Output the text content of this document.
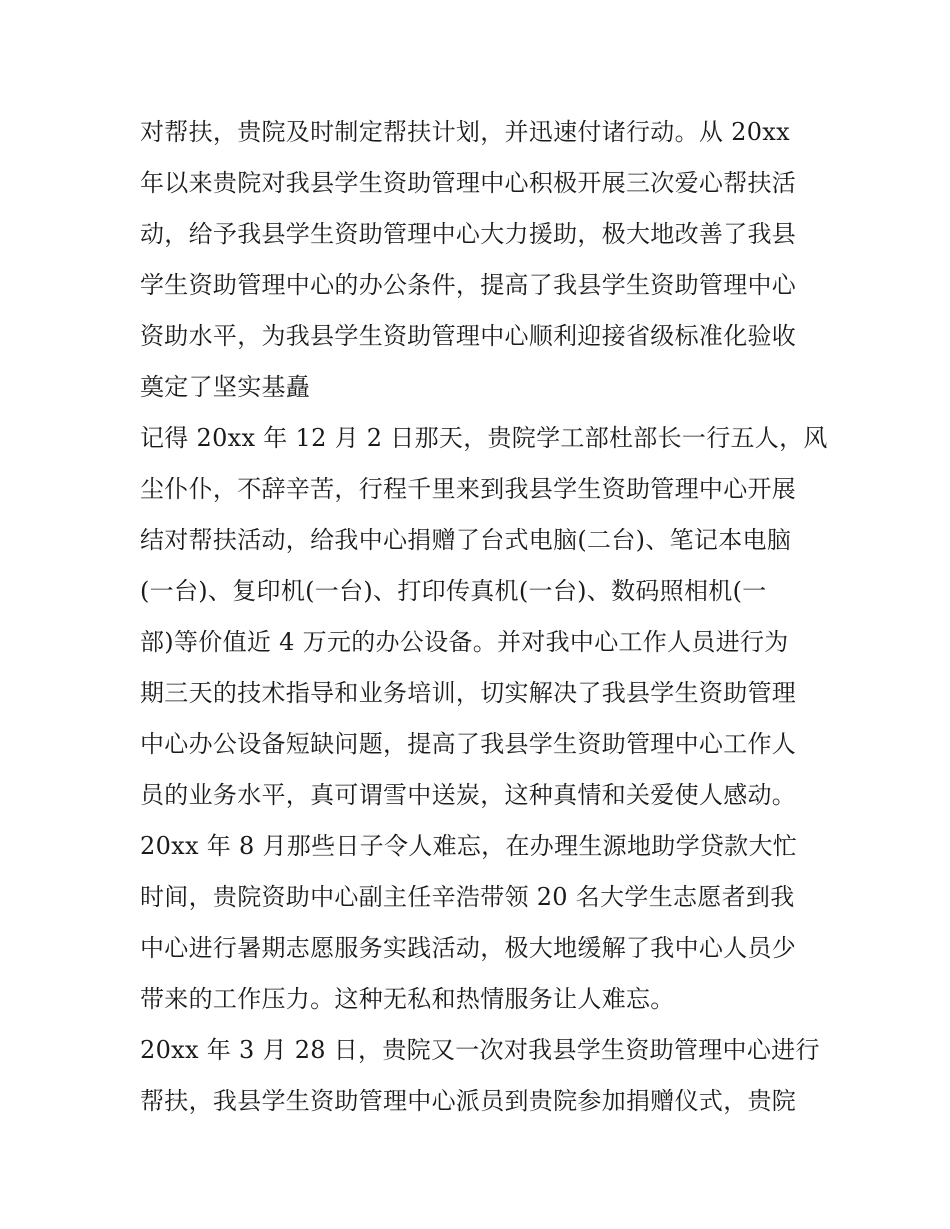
对帮扶，贵院及时制定帮扶计划，并迅速付诸行动。从 20xx
年以来贵院对我县学生资助管理中心积极开展三次爱心帮扶活
动，给予我县学生资助管理中心大力援助，极大地改善了我县
学生资助管理中心的办公条件，提高了我县学生资助管理中心
资助水平，为我县学生资助管理中心顺利迎接省级标准化验收
奠定了坚实基矗
记得 20xx 年 12 月 2 日那天，贵院学工部杜部长一行五人，风
尘仆仆，不辞辛苦，行程千里来到我县学生资助管理中心开展
结对帮扶活动，给我中心捐赠了台式电脑(二台)、笔记本电脑
(一台)、复印机(一台)、打印传真机(一台)、数码照相机(一
部)等价值近 4 万元的办公设备。并对我中心工作人员进行为
期三天的技术指导和业务培训，切实解决了我县学生资助管理
中心办公设备短缺问题，提高了我县学生资助管理中心工作人
员的业务水平，真可谓雪中送炭，这种真情和关爱使人感动。
20xx 年 8 月那些日子令人难忘，在办理生源地助学贷款大忙
时间，贵院资助中心副主任辛浩带领 20 名大学生志愿者到我
中心进行暑期志愿服务实践活动，极大地缓解了我中心人员少
带来的工作压力。这种无私和热情服务让人难忘。
20xx 年 3 月 28 日，贵院又一次对我县学生资助管理中心进行
帮扶，我县学生资助管理中心派员到贵院参加捐赠仪式，贵院
